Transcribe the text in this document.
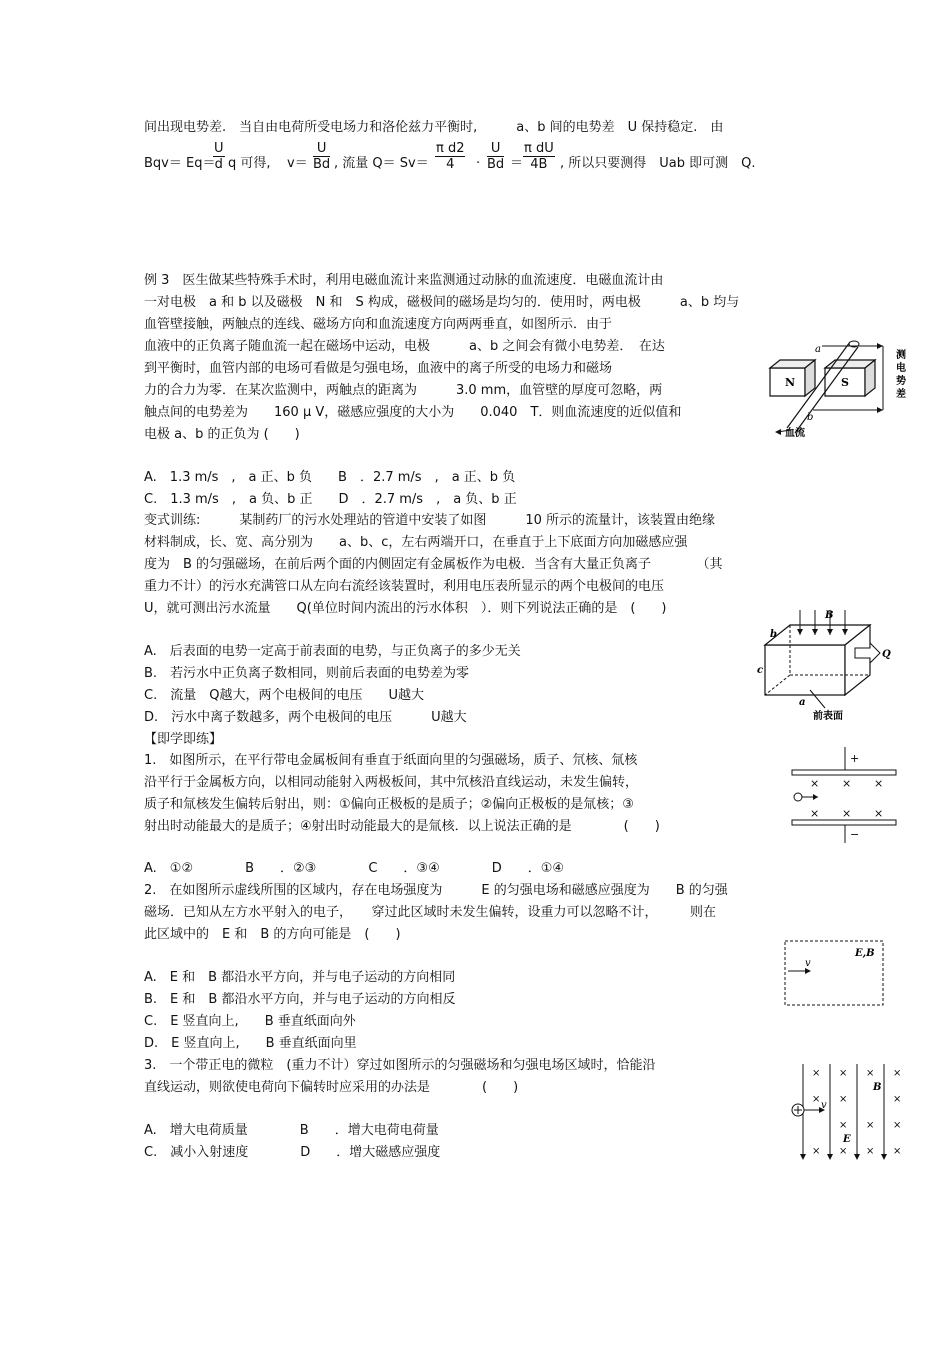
间出现电势差.　当自由电荷所受电场力和洛伦兹力平衡时,　　　a、b 间的电势差　U 保持稳定.　由
Bqv＝ Eq＝
$\frac{U}{d}$ q 可得, $v= \frac{U}{Bd}$ , 流量 $Q= Sv= \frac{\text{π d2}}{4} \cdot \frac{U}{Bd} = \frac{\text{π dU}}{4B}$ , 所以只要测得　Uab 即可测　Q.
例 3　医生做某些特殊手术时，利用电磁血流计来监测通过动脉的血流速度．电磁血流计由
一对电极　a 和 b 以及磁极　N 和　S 构成，磁极间的磁场是均匀的．使用时，两电极　　　a、b 均与
血管壁接触，两触点的连线、磁场方向和血流速度方向两两垂直，如图所示．由于
血液中的正负离子随血流一起在磁场中运动，电极　　　a、b 之间会有微小电势差．　在达
到平衡时，血管内部的电场可看做是匀强电场，血液中的离子所受的电场力和磁场
力的合力为零．在某次监测中，两触点的距离为　　　3.0 mm，血管壁的厚度可忽略，两
触点间的电势差为　　160 μ V，磁感应强度的大小为　　0.040　T．则血流速度的近似值和
电极 a、b 的正负为 (　　)
A.　1.3 m/s　,　a 正、b 负　　B　．2.7 m/s　,　a 正、b 负
C.　1.3 m/s　,　a 负、b 正　　D　．2.7 m/s　,　a 负、b 正
N	S
a
b
血流
测
电
势
差
变式训练:　　　某制药厂的污水处理站的管道中安装了如图　　　10 所示的流量计，该装置由绝缘
材料制成，长、宽、高分别为　　a、b、c，左右两端开口，在垂直于上下底面方向加磁感应强
度为　B 的匀强磁场，在前后两个面的内侧固定有金属板作为电极．当含有大量正负离子　　　　（其
重力不计）的污水充满管口从左向右流经该装置时，利用电压表所显示的两个电极间的电压
U，就可测出污水流量　　Q(单位时间内流出的污水体积　）．则下列说法正确的是　(　　)
A.　后表面的电势一定高于前表面的电势，与正负离子的多少无关
B.　若污水中正负离子数相同，则前后表面的电势差为零
C.　流量　Q越大，两个电极间的电压　　U越大
D.　污水中离子数越多，两个电极间的电压　　　U越大
B
b
c
a
Q
前表面
【即学即练】
1.　如图所示，在平行带电金属板间有垂直于纸面向里的匀强磁场，质子、氘核、氚核
沿平行于金属板方向，以相同动能射入两极板间，其中氘核沿直线运动，未发生偏转，
质子和氚核发生偏转后射出，则：①偏向正极板的是质子；②偏向正极板的是氚核；③
射出时动能最大的是质子；④射出时动能最大的是氚核．以上说法正确的是　　　　(　　)
A.　①②　　　　B　　．②③　　　　C　　．③④　　　　D　　．①④
+
× × ×
× × ×
−
2.　在如图所示虚线所围的区域内，存在电场强度为　　　E 的匀强电场和磁感应强度为　　B 的匀强
磁场．已知从左方水平射入的电子，　　穿过此区域时未发生偏转，设重力可以忽略不计，　　　则在
此区域中的　E 和　B 的方向可能是　(　　)
A.　E 和　B 都沿水平方向，并与电子运动的方向相同
B.　E 和　B 都沿水平方向，并与电子运动的方向相反
C.　E 竖直向上,　　B 垂直纸面向外
D.　E 竖直向上,　　B 垂直纸面向里
E,B
v
3.　一个带正电的微粒　(重力不计）穿过如图所示的匀强磁场和匀强电场区域时，恰能沿
直线运动，则欲使电荷向下偏转时应采用的办法是　　　　(　　)
A.　增大电荷质量　　　　B　　．增大电荷电荷量
C.　减小入射速度　　　　D　　．增大磁感应强度
× × × ×
× ×	×
× × ×
× × × ×
B
E
v
